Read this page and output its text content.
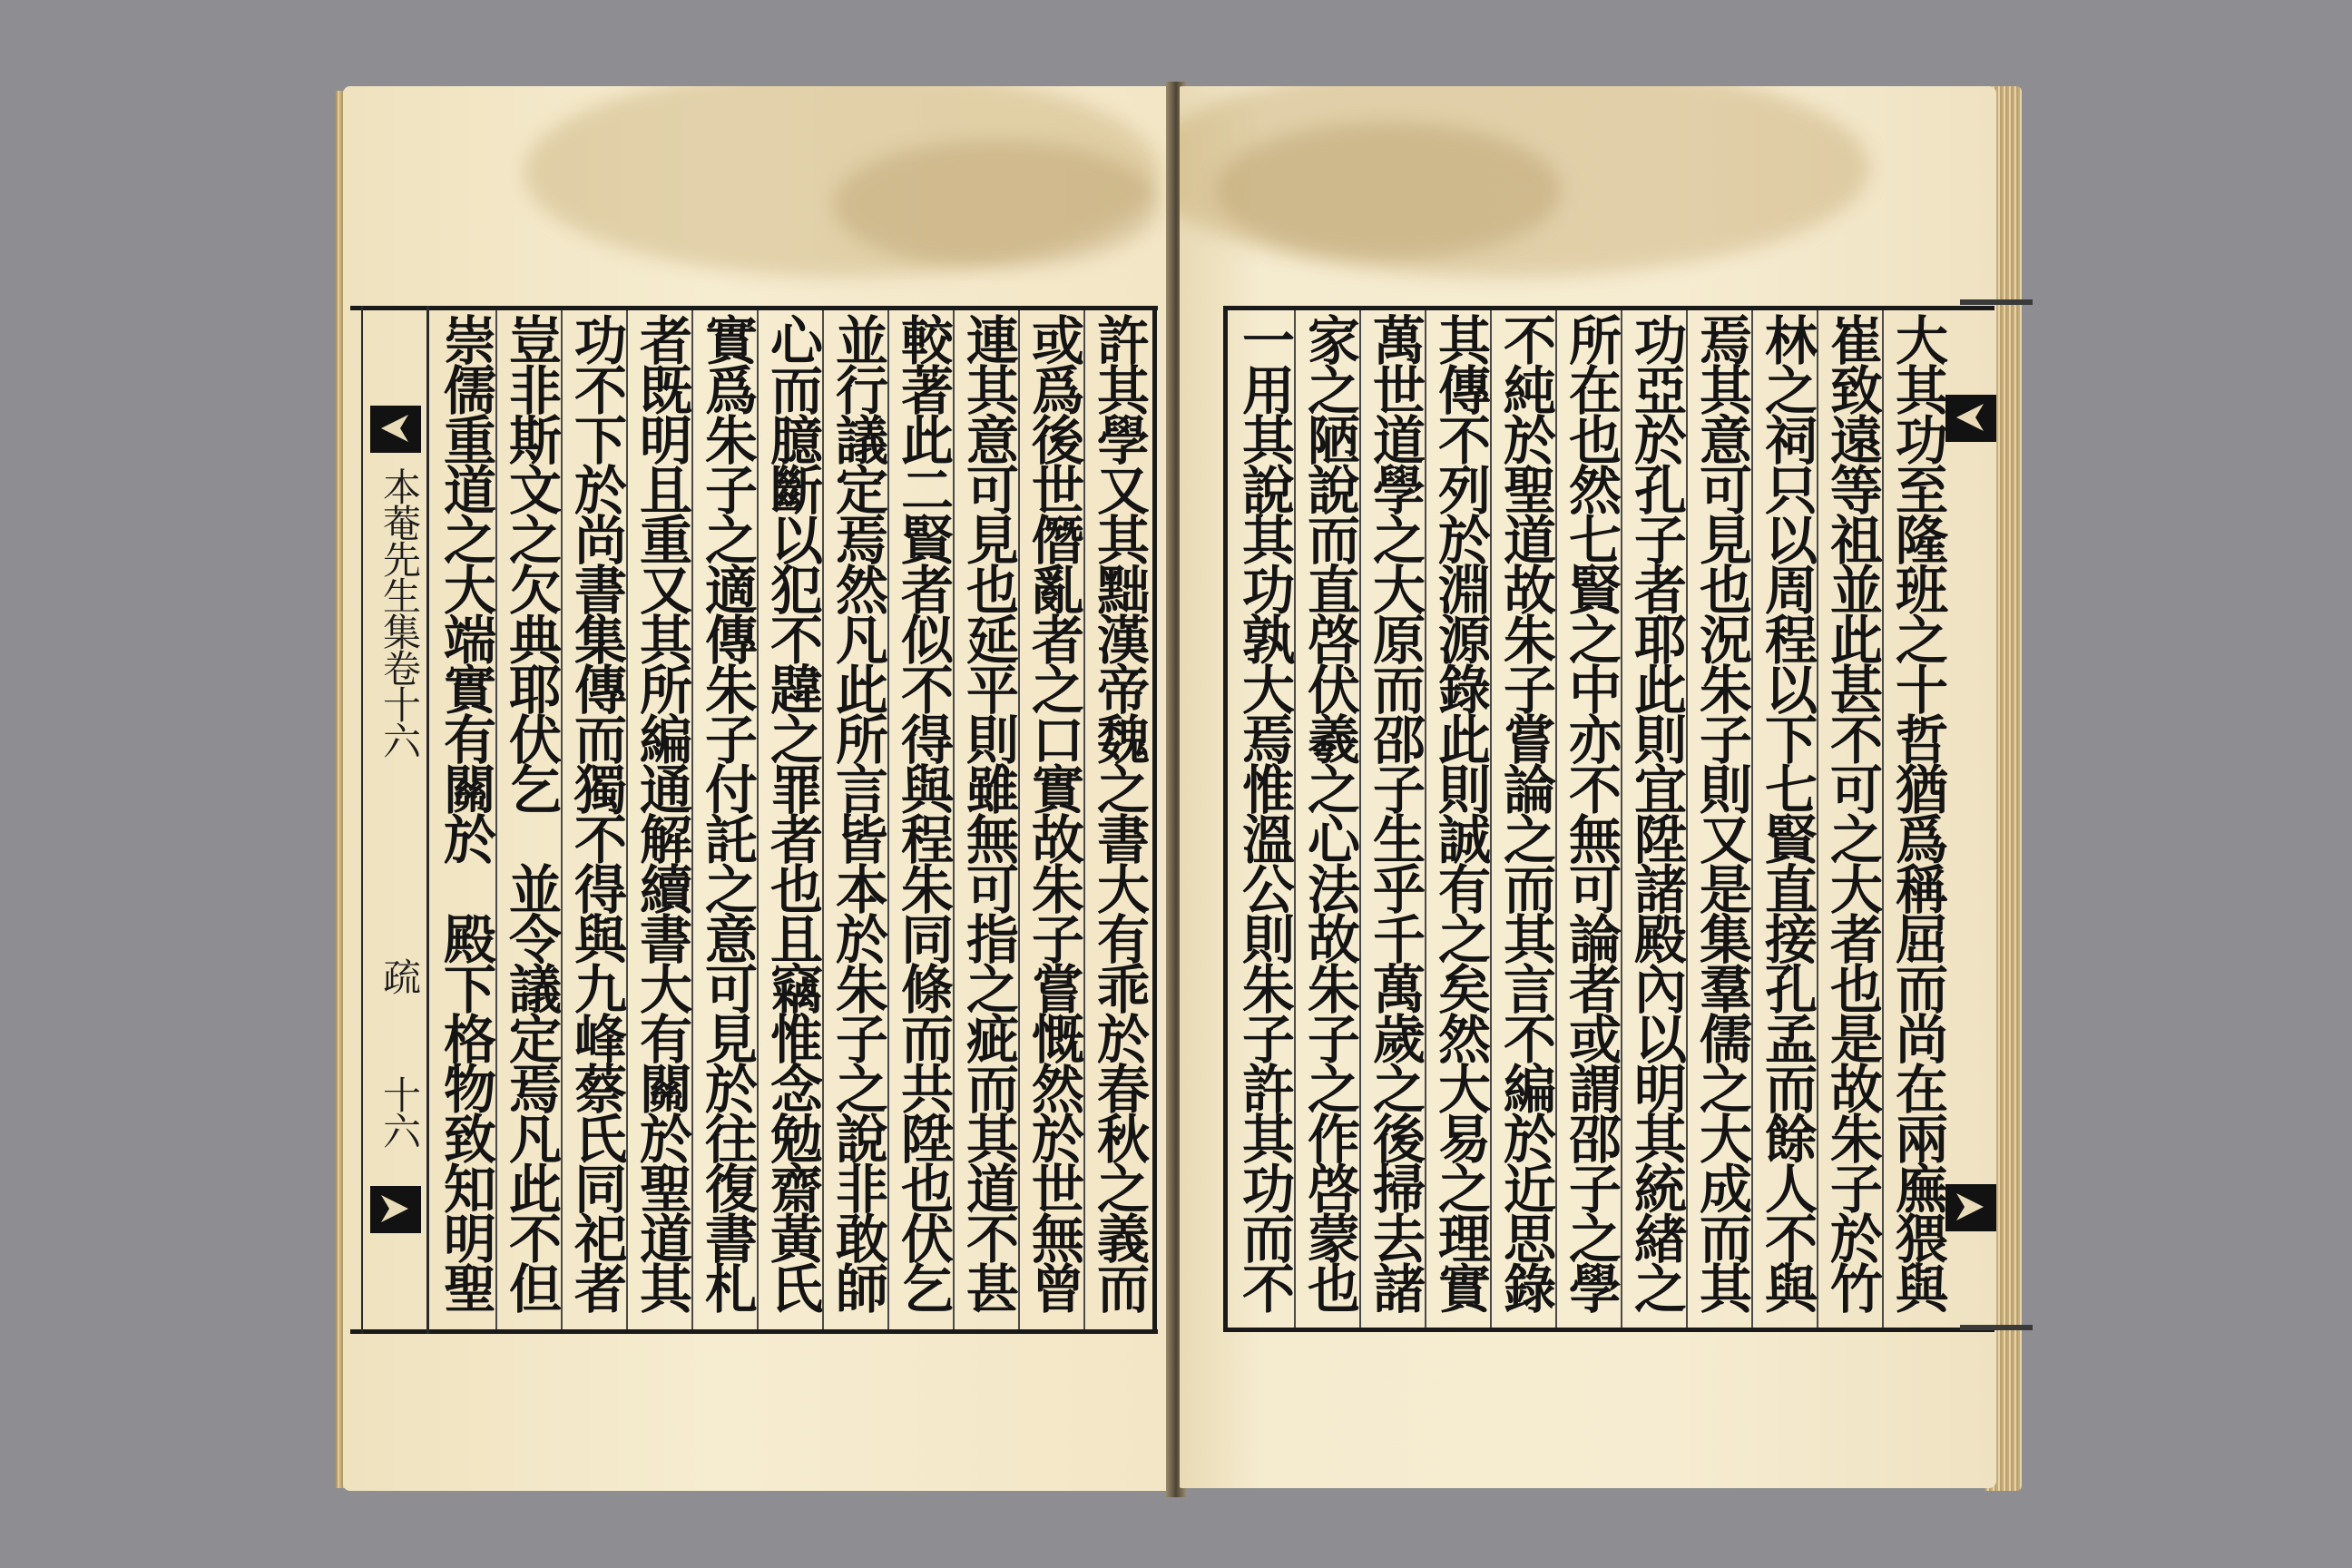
本菴先生集卷十六
疏
十六	許其學又其黜漢帝魏之書大有乖於春秋之義而
或爲後世僭亂者之口實故朱子嘗慨然於世無曾
連其意可見也延平則雖無可指之疵而其道不甚
較著此二賢者似不得與程朱同條而共陞也伏乞
並行議定焉然凡此所言皆本於朱子之說非敢師
心而臆斷以犯不韙之罪者也且竊惟念勉齋黃氏
實爲朱子之適傳朱子付託之意可見於往復書札
者既明且重又其所編通解續書大有關於聖道其
功不下於尚書集傳而獨不得與九峰蔡氏同祀者
豈非斯文之欠典耶伏乞　並令議定焉凡此不但
崇儒重道之大端實有關於　殿下格物致知明聖	大其功至隆班之十哲猶爲稱屈而尚在兩廡猥與
崔致遠等祖並此甚不可之大者也是故朱子於竹
林之祠只以周程以下七賢直接孔孟而餘人不與
焉其意可見也況朱子則又是集羣儒之大成而其
功亞於孔子者耶此則宜陞諸殿內以明其統緖之
所在也然七賢之中亦不無可論者或謂邵子之學
不純於聖道故朱子嘗論之而其言不編於近思錄
其傳不列於淵源錄此則誠有之矣然大易之理實
萬世道學之大原而邵子生乎千萬歲之後掃去諸
家之陋說而直啓伏羲之心法故朱子之作啓蒙也
一用其說其功孰大焉惟溫公則朱子許其功而不
